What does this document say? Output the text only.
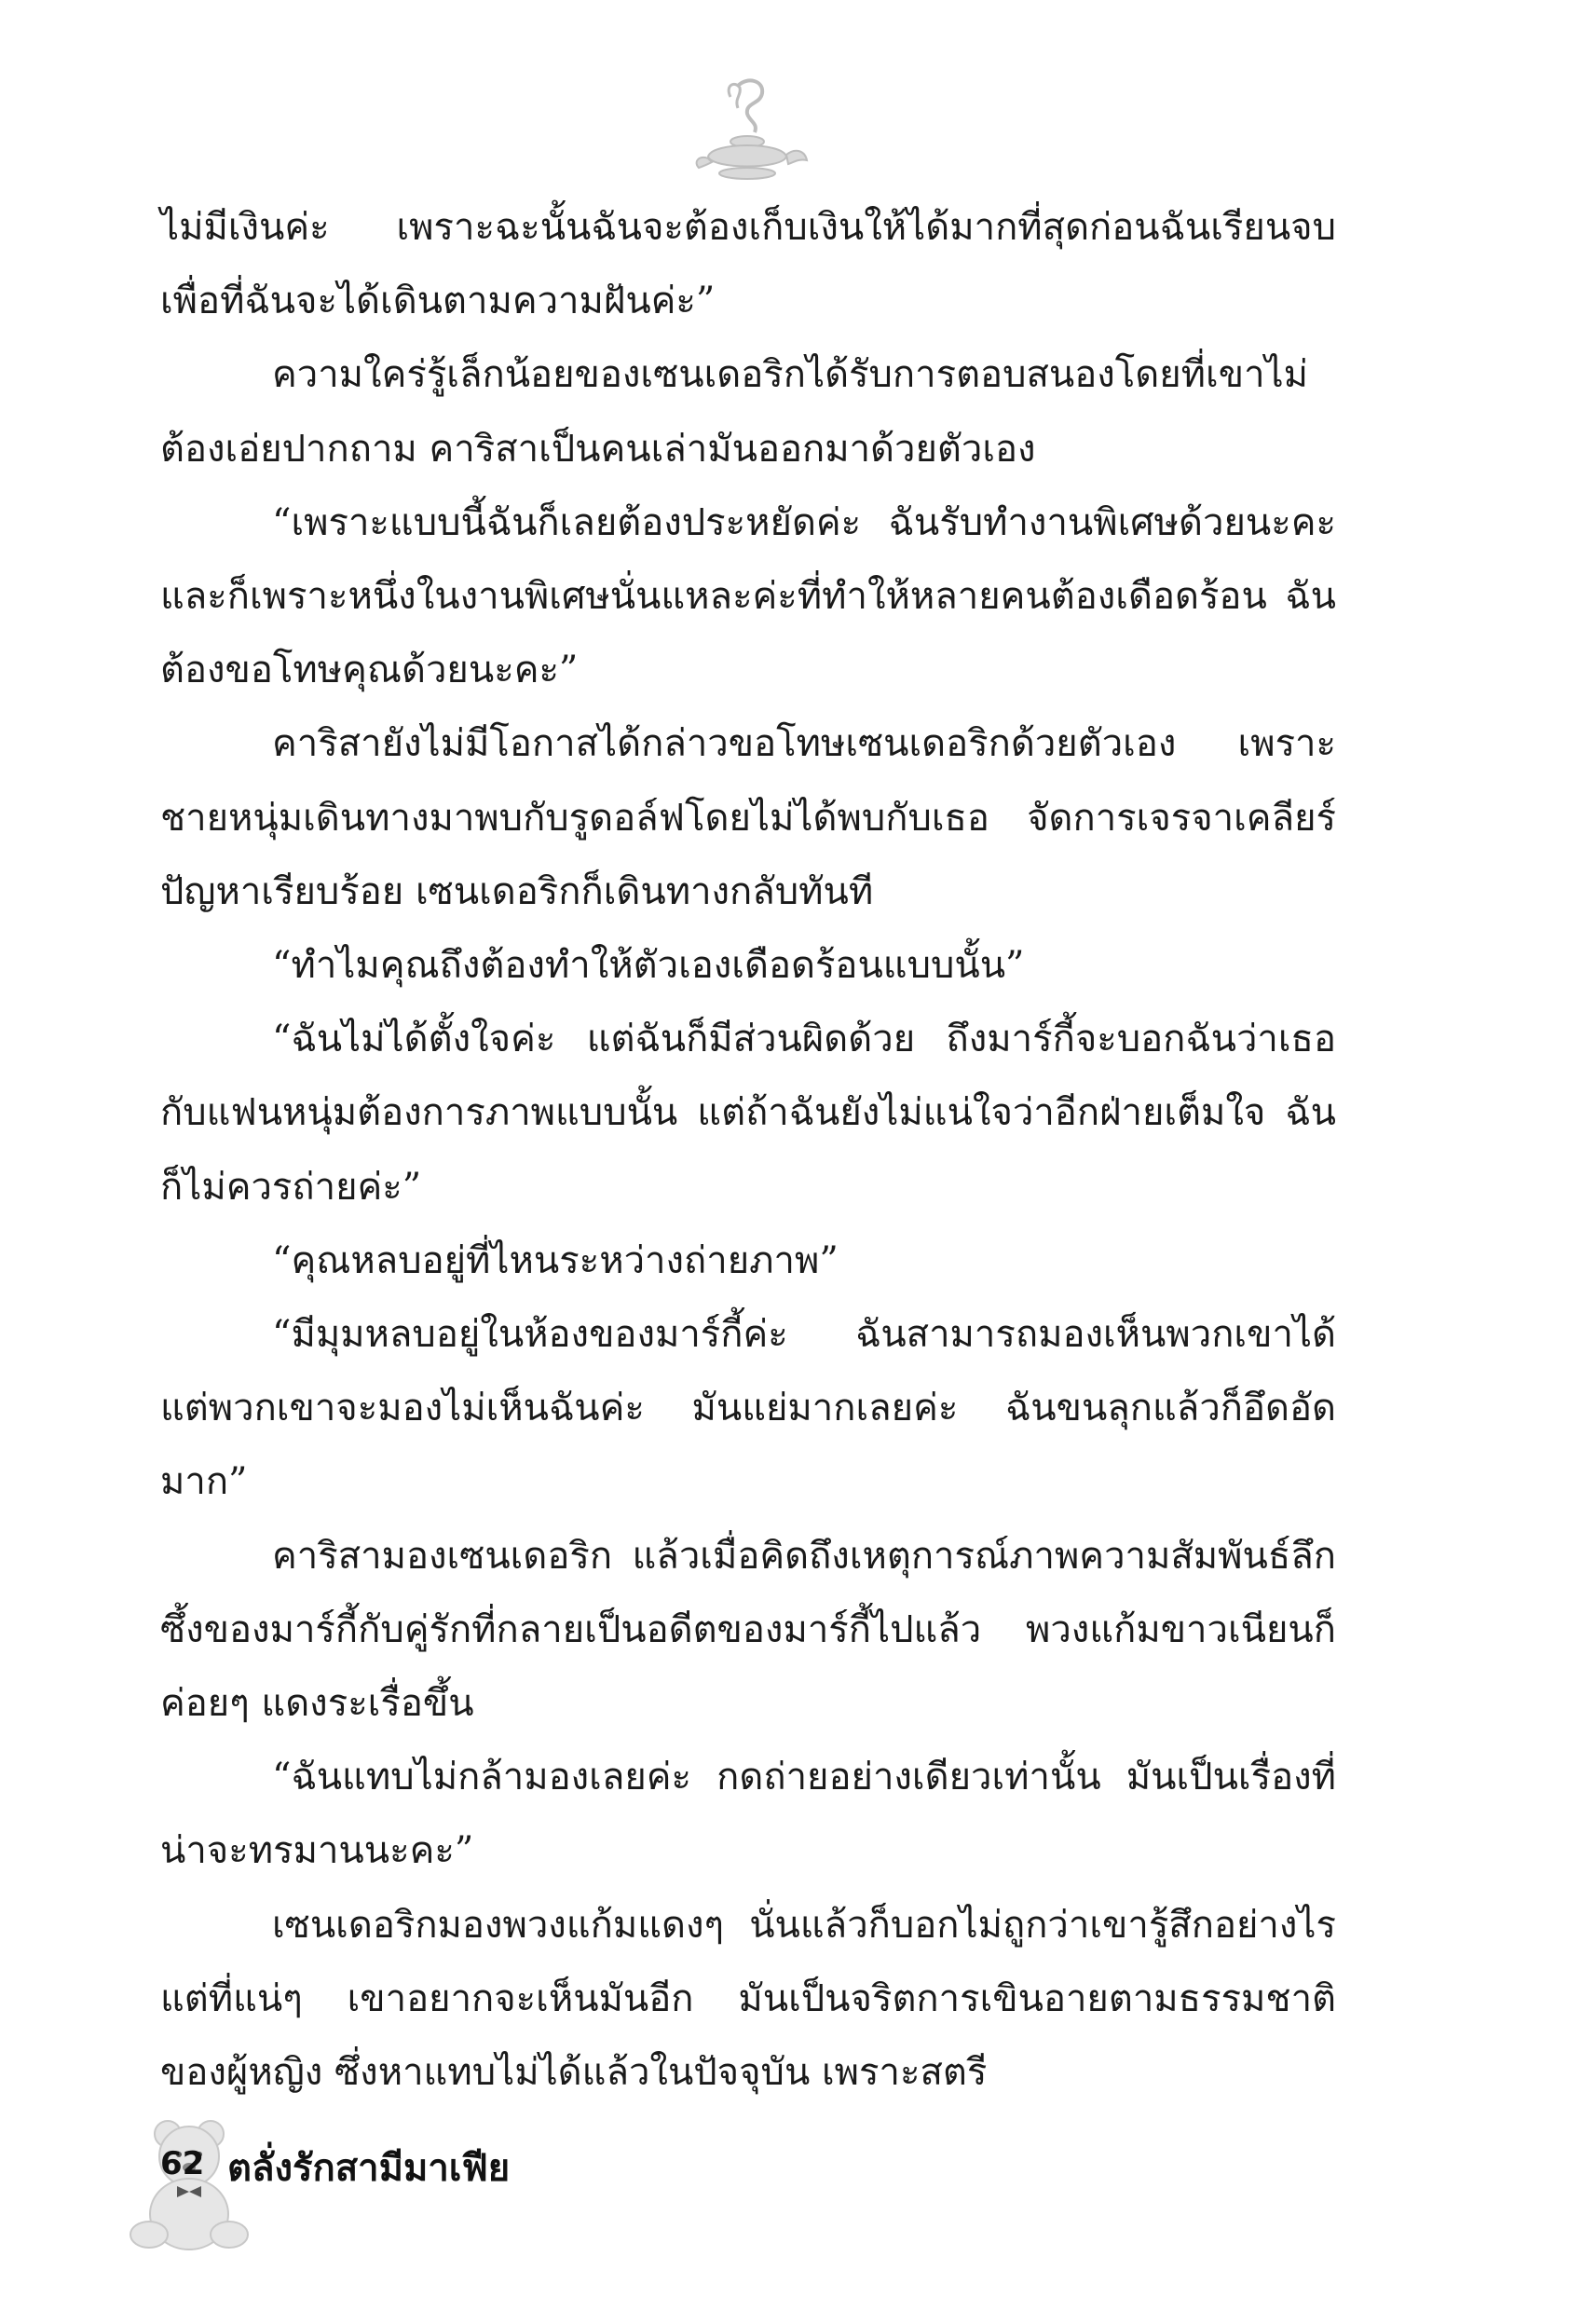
ไม่มีเงินค่ะ เพราะฉะนั้นฉันจะต้องเก็บเงินให้ได้มากที่สุดก่อนฉันเรียนจบ เพื่อที่ฉันจะได้เดินตามความฝันค่ะ”

ความใคร่รู้เล็กน้อยของเซนเดอริกได้รับการตอบสนองโดยที่เขาไม่ต้องเอ่ยปากถาม คาริสาเป็นคนเล่ามันออกมาด้วยตัวเอง

“เพราะแบบนี้ฉันก็เลยต้องประหยัดค่ะ ฉันรับทำงานพิเศษด้วยนะคะ และก็เพราะหนึ่งในงานพิเศษนั่นแหละค่ะที่ทำให้หลายคนต้องเดือดร้อน ฉันต้องขอโทษคุณด้วยนะคะ”

คาริสายังไม่มีโอกาสได้กล่าวขอโทษเซนเดอริกด้วยตัวเอง เพราะชายหนุ่มเดินทางมาพบกับรูดอล์ฟโดยไม่ได้พบกับเธอ จัดการเจรจาเคลียร์ปัญหาเรียบร้อย เซนเดอริกก็เดินทางกลับทันที

“ทำไมคุณถึงต้องทำให้ตัวเองเดือดร้อนแบบนั้น”

“ฉันไม่ได้ตั้งใจค่ะ แต่ฉันก็มีส่วนผิดด้วย ถึงมาร์กี้จะบอกฉันว่าเธอกับแฟนหนุ่มต้องการภาพแบบนั้น แต่ถ้าฉันยังไม่แน่ใจว่าอีกฝ่ายเต็มใจ ฉันก็ไม่ควรถ่ายค่ะ”

“คุณหลบอยู่ที่ไหนระหว่างถ่ายภาพ”

“มีมุมหลบอยู่ในห้องของมาร์กี้ค่ะ ฉันสามารถมองเห็นพวกเขาได้ แต่พวกเขาจะมองไม่เห็นฉันค่ะ มันแย่มากเลยค่ะ ฉันขนลุกแล้วก็อึดอัดมาก”

คาริสามองเซนเดอริก แล้วเมื่อคิดถึงเหตุการณ์ภาพความสัมพันธ์ลึกซึ้งของมาร์กี้กับคู่รักที่กลายเป็นอดีตของมาร์กี้ไปแล้ว พวงแก้มขาวเนียนก็ค่อยๆ แดงระเรื่อขึ้น

“ฉันแทบไม่กล้ามองเลยค่ะ กดถ่ายอย่างเดียวเท่านั้น มันเป็นเรื่องที่น่าจะทรมานนะคะ”

เซนเดอริกมองพวงแก้มแดงๆ นั่นแล้วก็บอกไม่ถูกว่าเขารู้สึกอย่างไร แต่ที่แน่ๆ เขาอยากจะเห็นมันอีก มันเป็นจริตการเขินอายตามธรรมชาติของผู้หญิง ซึ่งหาแทบไม่ได้แล้วในปัจจุบัน เพราะสตรี

62 ตลั่งรักสามีมาเฟีย
